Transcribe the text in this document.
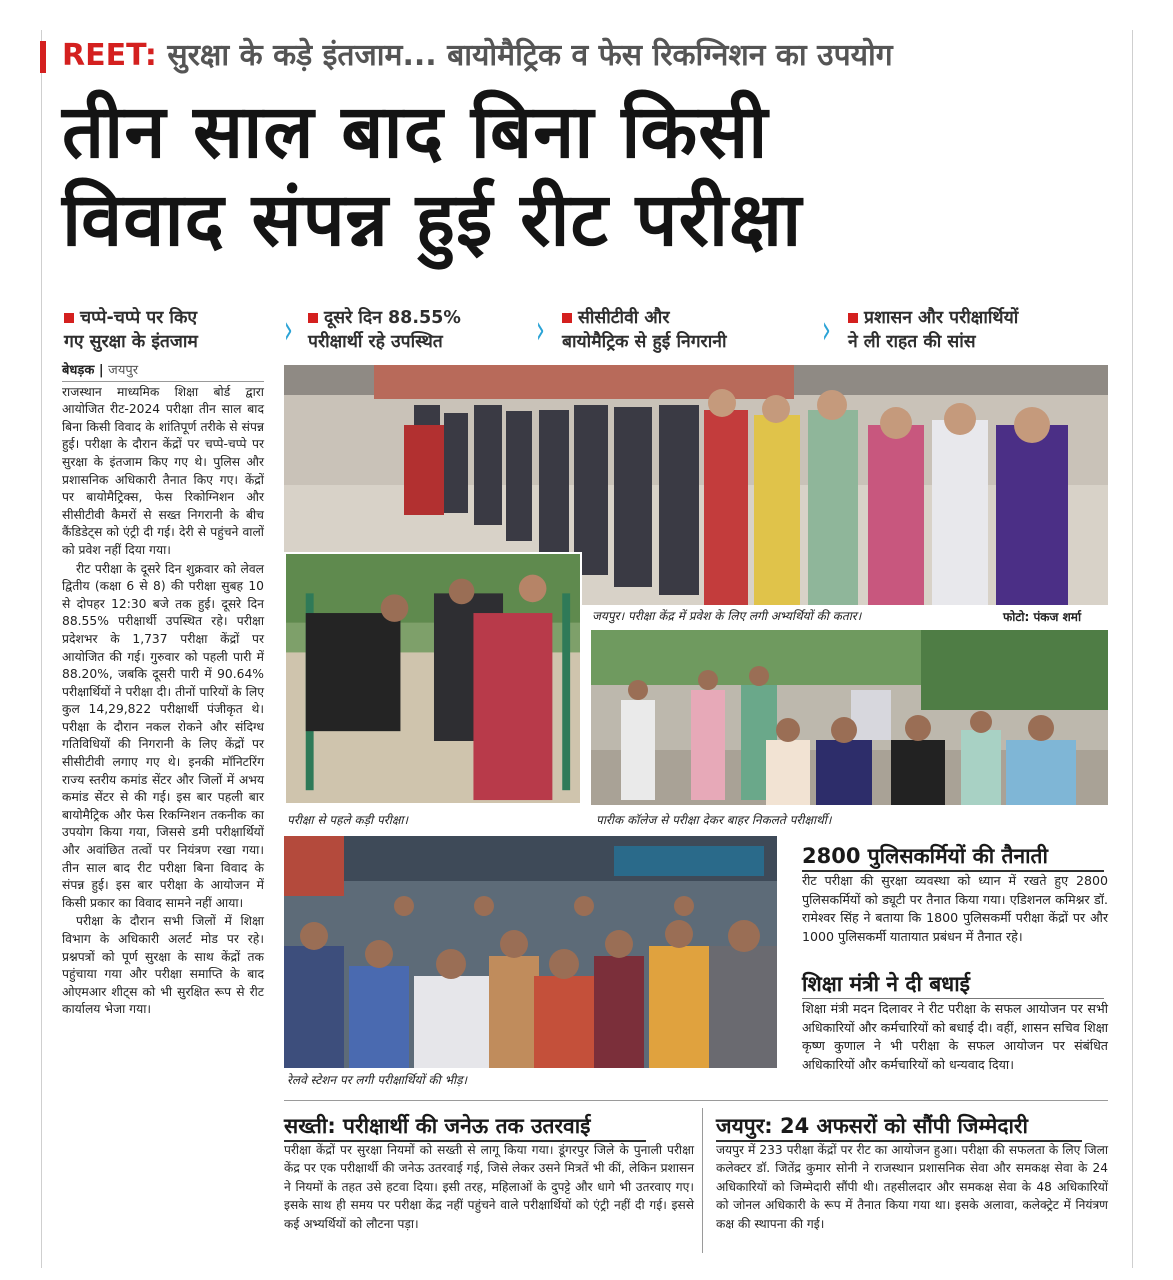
REET: सुरक्षा के कड़े इंतजाम... बायोमैट्रिक व फेस रिकग्निशन का उपयोग
तीन साल बाद बिना किसी
विवाद संपन्न हुई रीट परीक्षा
चप्पे-चप्पे पर किए
गए सुरक्षा के इंतजाम	›	दूसरे दिन 88.55%
परीक्षार्थी रहे उपस्थित	›	सीसीटीवी और
बायोमैट्रिक से हुई निगरानी	›	प्रशासन और परीक्षार्थियों
ने ली राहत की सांस
बेधड़क | जयपुर

राजस्थान माध्यमिक शिक्षा बोर्ड द्वारा आयोजित रीट-2024 परीक्षा तीन साल बाद बिना किसी विवाद के शांतिपूर्ण तरीके से संपन्न हुई। परीक्षा के दौरान केंद्रों पर चप्पे-चप्पे पर सुरक्षा के इंतजाम किए गए थे। पुलिस और प्रशासनिक अधिकारी तैनात किए गए। केंद्रों पर बायोमैट्रिक्स, फेस रिकोग्निशन और सीसीटीवी कैमरों से सख्त निगरानी के बीच कैंडिडेट्स को एंट्री दी गई। देरी से पहुंचने वालों को प्रवेश नहीं दिया गया।

रीट परीक्षा के दूसरे दिन शुक्रवार को लेवल द्वितीय (कक्षा 6 से 8) की परीक्षा सुबह 10 से दोपहर 12:30 बजे तक हुई। दूसरे दिन 88.55% परीक्षार्थी उपस्थित रहे। परीक्षा प्रदेशभर के 1,737 परीक्षा केंद्रों पर आयोजित की गई। गुरुवार को पहली पारी में 88.20%, जबकि दूसरी पारी में 90.64% परीक्षार्थियों ने परीक्षा दी। तीनों पारियों के लिए कुल 14,29,822 परीक्षार्थी पंजीकृत थे। परीक्षा के दौरान नकल रोकने और संदिग्ध गतिविधियों की निगरानी के लिए केंद्रों पर सीसीटीवी लगाए गए थे। इनकी मॉनिटरिंग राज्य स्तरीय कमांड सेंटर और जिलों में अभय कमांड सेंटर से की गई। इस बार पहली बार बायोमैट्रिक और फेस रिकग्निशन तकनीक का उपयोग किया गया, जिससे डमी परीक्षार्थियों और अवांछित तत्वों पर नियंत्रण रखा गया। तीन साल बाद रीट परीक्षा बिना विवाद के संपन्न हुई। इस बार परीक्षा के आयोजन में किसी प्रकार का विवाद सामने नहीं आया।

परीक्षा के दौरान सभी जिलों में शिक्षा विभाग के अधिकारी अलर्ट मोड पर रहे। प्रश्नपत्रों को पूर्ण सुरक्षा के साथ केंद्रों तक पहुंचाया गया और परीक्षा समाप्ति के बाद ओएमआर शीट्स को भी सुरक्षित रूप से रीट कार्यालय भेजा गया।

जयपुर। परीक्षा केंद्र में प्रवेश के लिए लगी अभ्यर्थियों की कतार।	फोटो: पंकज शर्मा
परीक्षा से पहले कड़ी परीक्षा।	पारीक कॉलेज से परीक्षा देकर बाहर निकलते परीक्षार्थी।
रेलवे स्टेशन पर लगी परीक्षार्थियों की भीड़।
2800 पुलिसकर्मियों की तैनाती
रीट परीक्षा की सुरक्षा व्यवस्था को ध्यान में रखते हुए 2800 पुलिसकर्मियों को ड्यूटी पर तैनात किया गया। एडिशनल कमिश्नर डॉ. रामेश्वर सिंह ने बताया कि 1800 पुलिसकर्मी परीक्षा केंद्रों पर और 1000 पुलिसकर्मी यातायात प्रबंधन में तैनात रहे।
शिक्षा मंत्री ने दी बधाई
शिक्षा मंत्री मदन दिलावर ने रीट परीक्षा के सफल आयोजन पर सभी अधिकारियों और कर्मचारियों को बधाई दी। वहीं, शासन सचिव शिक्षा कृष्ण कुणाल ने भी परीक्षा के सफल आयोजन पर संबंधित अधिकारियों और कर्मचारियों को धन्यवाद दिया।
सख्ती: परीक्षार्थी की जनेऊ तक उतरवाई
परीक्षा केंद्रों पर सुरक्षा नियमों को सख्ती से लागू किया गया। डूंगरपुर जिले के पुनाली परीक्षा केंद्र पर एक परीक्षार्थी की जनेऊ उतरवाई गई, जिसे लेकर उसने मित्रतें भी कीं, लेकिन प्रशासन ने नियमों के तहत उसे हटवा दिया। इसी तरह, महिलाओं के दुपट्टे और धागे भी उतरवाए गए। इसके साथ ही समय पर परीक्षा केंद्र नहीं पहुंचने वाले परीक्षार्थियों को एंट्री नहीं दी गई। इससे कई अभ्यर्थियों को लौटना पड़ा।
जयपुर: 24 अफसरों को सौंपी जिम्मेदारी
जयपुर में 233 परीक्षा केंद्रों पर रीट का आयोजन हुआ। परीक्षा की सफलता के लिए जिला कलेक्टर डॉ. जितेंद्र कुमार सोनी ने राजस्थान प्रशासनिक सेवा और समकक्ष सेवा के 24 अधिकारियों को जिम्मेदारी सौंपी थी। तहसीलदार और समकक्ष सेवा के 48 अधिकारियों को जोनल अधिकारी के रूप में तैनात किया गया था। इसके अलावा, कलेक्ट्रेट में नियंत्रण कक्ष की स्थापना की गई।
